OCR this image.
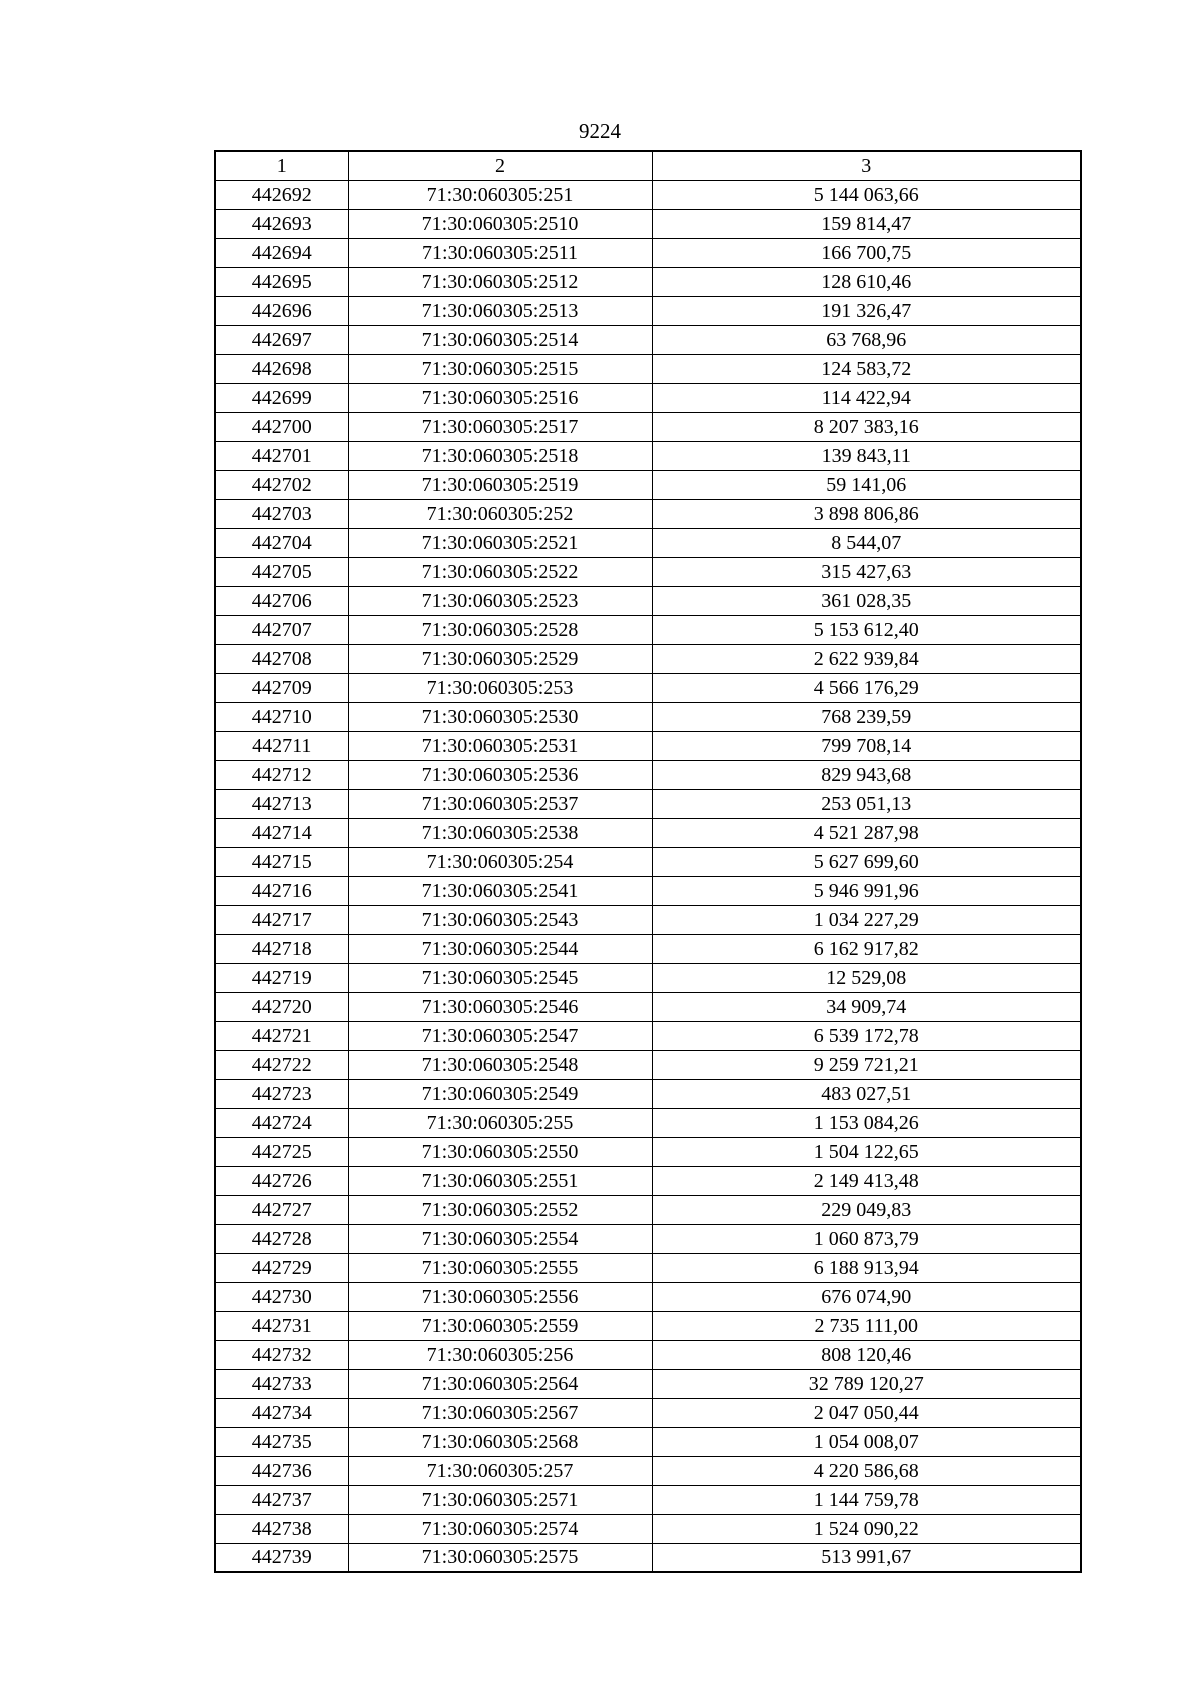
9224
1	2	3
442692	71:30:060305:251	5 144 063,66
442693	71:30:060305:2510	159 814,47
442694	71:30:060305:2511	166 700,75
442695	71:30:060305:2512	128 610,46
442696	71:30:060305:2513	191 326,47
442697	71:30:060305:2514	63 768,96
442698	71:30:060305:2515	124 583,72
442699	71:30:060305:2516	114 422,94
442700	71:30:060305:2517	8 207 383,16
442701	71:30:060305:2518	139 843,11
442702	71:30:060305:2519	59 141,06
442703	71:30:060305:252	3 898 806,86
442704	71:30:060305:2521	8 544,07
442705	71:30:060305:2522	315 427,63
442706	71:30:060305:2523	361 028,35
442707	71:30:060305:2528	5 153 612,40
442708	71:30:060305:2529	2 622 939,84
442709	71:30:060305:253	4 566 176,29
442710	71:30:060305:2530	768 239,59
442711	71:30:060305:2531	799 708,14
442712	71:30:060305:2536	829 943,68
442713	71:30:060305:2537	253 051,13
442714	71:30:060305:2538	4 521 287,98
442715	71:30:060305:254	5 627 699,60
442716	71:30:060305:2541	5 946 991,96
442717	71:30:060305:2543	1 034 227,29
442718	71:30:060305:2544	6 162 917,82
442719	71:30:060305:2545	12 529,08
442720	71:30:060305:2546	34 909,74
442721	71:30:060305:2547	6 539 172,78
442722	71:30:060305:2548	9 259 721,21
442723	71:30:060305:2549	483 027,51
442724	71:30:060305:255	1 153 084,26
442725	71:30:060305:2550	1 504 122,65
442726	71:30:060305:2551	2 149 413,48
442727	71:30:060305:2552	229 049,83
442728	71:30:060305:2554	1 060 873,79
442729	71:30:060305:2555	6 188 913,94
442730	71:30:060305:2556	676 074,90
442731	71:30:060305:2559	2 735 111,00
442732	71:30:060305:256	808 120,46
442733	71:30:060305:2564	32 789 120,27
442734	71:30:060305:2567	2 047 050,44
442735	71:30:060305:2568	1 054 008,07
442736	71:30:060305:257	4 220 586,68
442737	71:30:060305:2571	1 144 759,78
442738	71:30:060305:2574	1 524 090,22
442739	71:30:060305:2575	513 991,67
